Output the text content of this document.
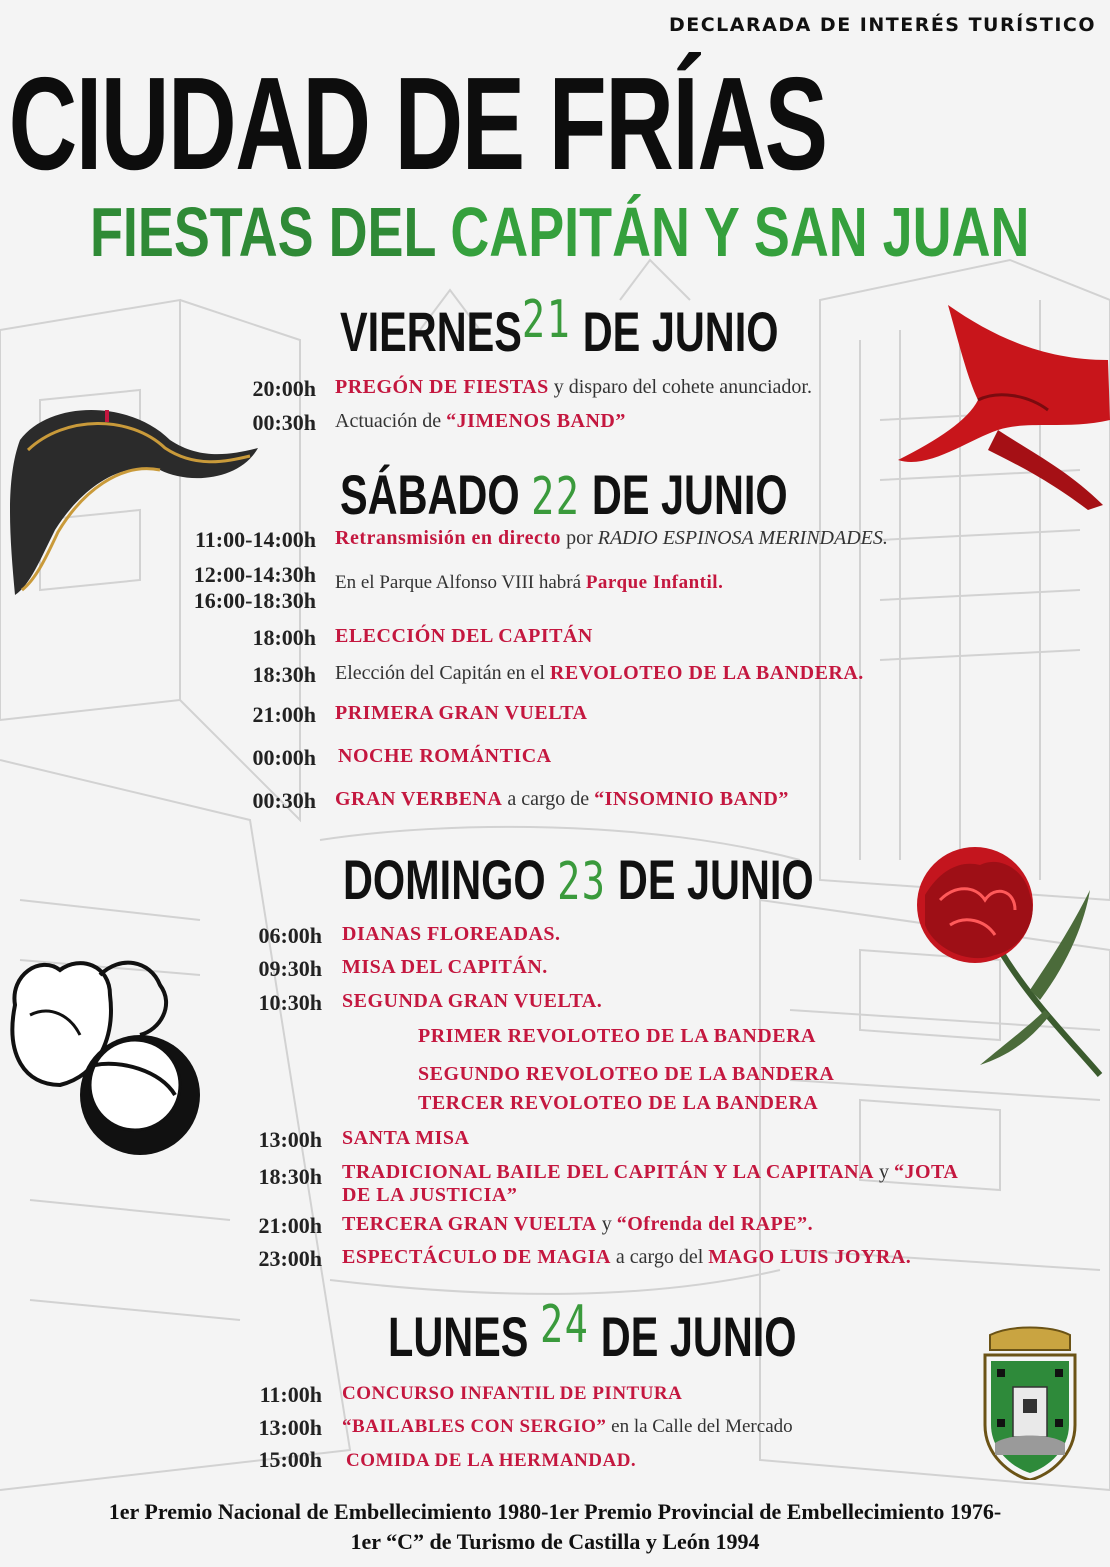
DECLARADA DE INTERÉS TURÍSTICO
CIUDAD DE FRÍAS
FIESTAS DEL CAPITÁN Y SAN JUAN
VIERNES21 DE JUNIO
20:00h PREGÓN DE FIESTAS y disparo del cohete anunciador.
00:30h Actuación de “JIMENOS BAND”
SÁBADO 22 DE JUNIO
11:00-14:00h Retransmisión en directo por RADIO ESPINOSA MERINDADES.
12:00-14:30h
16:00-18:30h
En el Parque Alfonso VIII habrá Parque Infantil.
18:00h ELECCIÓN DEL CAPITÁN
18:30h Elección del Capitán en el REVOLOTEO DE LA BANDERA.
21:00h PRIMERA GRAN VUELTA
00:00h NOCHE ROMÁNTICA
00:30h GRAN VERBENA a cargo de “INSOMNIO BAND”
DOMINGO 23 DE JUNIO
06:00h DIANAS FLOREADAS.
09:30h MISA DEL CAPITÁN.
10:30h SEGUNDA GRAN VUELTA.
PRIMER REVOLOTEO DE LA BANDERA
SEGUNDO REVOLOTEO DE LA BANDERA
TERCER REVOLOTEO DE LA BANDERA
13:00h SANTA MISA
18:30h TRADICIONAL BAILE DEL CAPITÁN Y LA CAPITANA y “JOTA
DE LA JUSTICIA”
21:00h TERCERA GRAN VUELTA y “Ofrenda del RAPE”.
23:00h ESPECTÁCULO DE MAGIA a cargo del MAGO LUIS JOYRA.
LUNES 24 DE JUNIO
11:00h CONCURSO INFANTIL DE PINTURA
13:00h “BAILABLES CON SERGIO” en la Calle del Mercado
15:00h COMIDA DE LA HERMANDAD.
1er Premio Nacional de Embellecimiento 1980-1er Premio Provincial de Embellecimiento 1976-
1er “C” de Turismo de Castilla y León 1994
